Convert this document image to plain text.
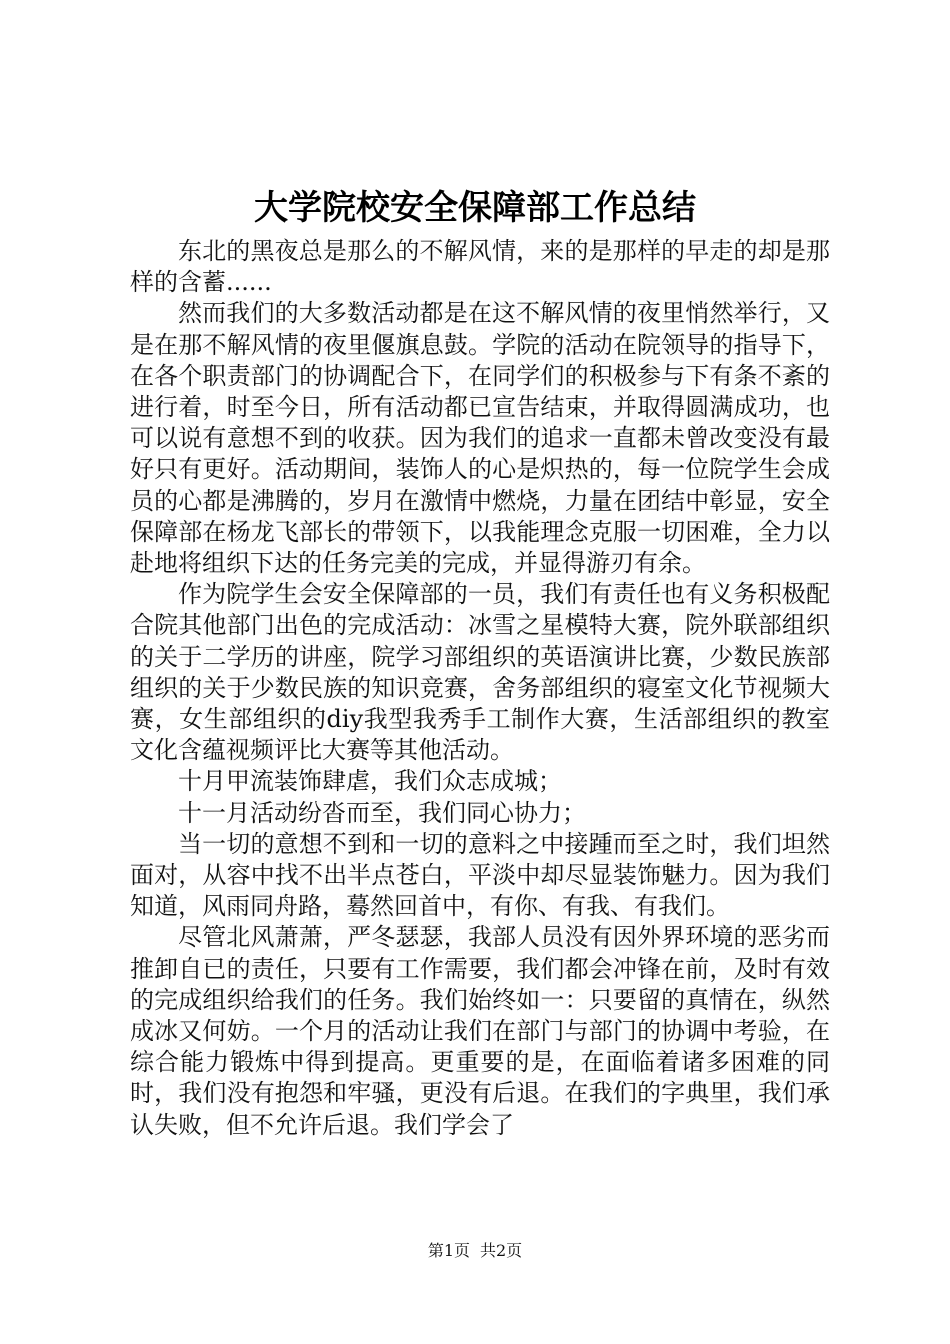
大学院校安全保障部工作总结

东北的黑夜总是那么的不解风情，来的是那样的早走的却是那样的含蓄......

然而我们的大多数活动都是在这不解风情的夜里悄然举行，又是在那不解风情的夜里偃旗息鼓。学院的活动在院领导的指导下，在各个职责部门的协调配合下，在同学们的积极参与下有条不紊的进行着，时至今日，所有活动都已宣告结束，并取得圆满成功，也可以说有意想不到的收获。因为我们的追求一直都未曾改变没有最好只有更好。活动期间，装饰人的心是炽热的，每一位院学生会成员的心都是沸腾的，岁月在激情中燃烧，力量在团结中彰显，安全保障部在杨龙飞部长的带领下，以我能理念克服一切困难，全力以赴地将组织下达的任务完美的完成，并显得游刃有余。

作为院学生会安全保障部的一员，我们有责任也有义务积极配合院其他部门出色的完成活动：冰雪之星模特大赛，院外联部组织的关于二学历的讲座，院学习部组织的英语演讲比赛，少数民族部组织的关于少数民族的知识竞赛，舍务部组织的寝室文化节视频大赛，女生部组织的diy我型我秀手工制作大赛，生活部组织的教室文化含蕴视频评比大赛等其他活动。

十月甲流装饰肆虐，我们众志成城；

十一月活动纷沓而至，我们同心协力；

当一切的意想不到和一切的意料之中接踵而至之时，我们坦然面对，从容中找不出半点苍白，平淡中却尽显装饰魅力。因为我们知道，风雨同舟路，蓦然回首中，有你、有我、有我们。

尽管北风萧萧，严冬瑟瑟，我部人员没有因外界环境的恶劣而推卸自已的责任，只要有工作需要，我们都会冲锋在前，及时有效的完成组织给我们的任务。我们始终如一：只要留的真情在，纵然成冰又何妨。一个月的活动让我们在部门与部门的协调中考验，在综合能力锻炼中得到提高。更重要的是，在面临着诸多困难的同时，我们没有抱怨和牢骚，更没有后退。在我们的字典里，我们承认失败，但不允许后退。我们学会了

第1页 共2页
